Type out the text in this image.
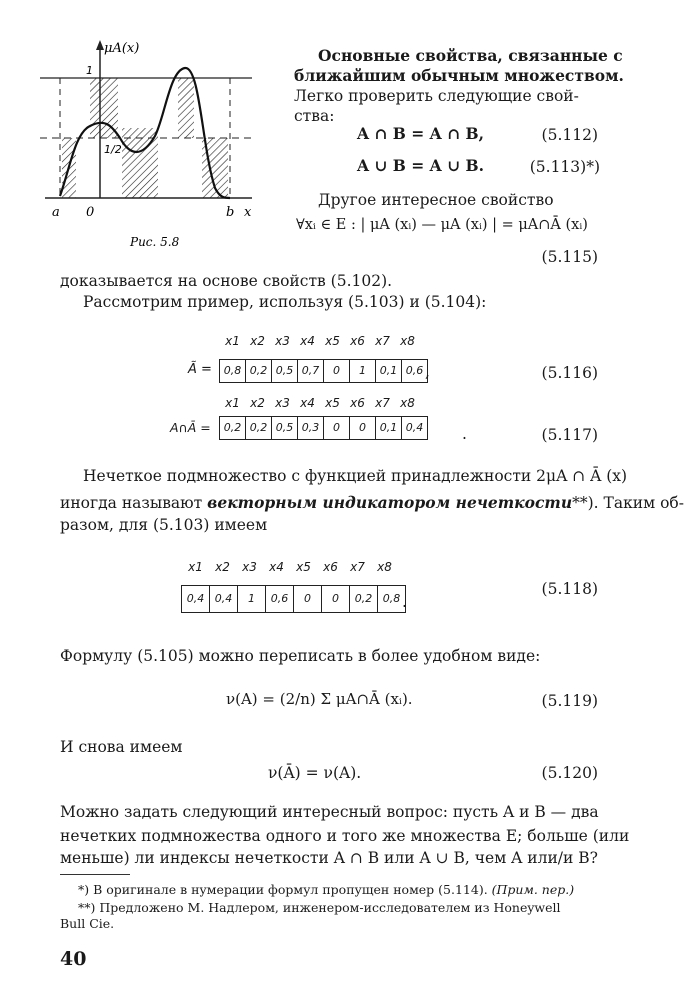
μA(x)
1
1/2
a 0	b x
Рис. 5.8
Основные свойства, связанные с
ближайшим обычным множеством.
Легко проверить следующие свой-
ства:
A ∩ B = A ∩ B,	(5.112)
A ∪ B = A ∪ B.	(5.113)*)
Другое интересное свойство
∀xᵢ ∈ E : | μA (xᵢ) — μA (xᵢ) | = μA∩Ā (xᵢ)
(5.115)
доказывается на основе свойств (5.102).
Рассмотрим пример, используя (5.103) и (5.104):
x1 x2 x3 x4 x5 x6 x7 x8
Ã =	0,8 0,2 0,5 0,7	0	1	0,1 0,6 ,	(5.116)
x1 x2 x3 x4 x5 x6 x7 x8
A∩Ā =	0,2 0,2 0,5 0,3	0	0	0,1 0,4	.	(5.117)
Нечеткое подмножество с функцией принадлежности 2μA ∩ Ā (x)
иногда называют векторным индикатором нечеткости**). Таким об-
разом, для (5.103) имеем
x1	x2	x3	x4	x5	x6	x7	x8
0,4 0,4	1	0,6	0	0	0,2 0,8 .
(5.118)
Формулу (5.105) можно переписать в более удобном виде:
ν(A) = (2/n) Σ μA∩Ā (xᵢ).	(5.119)
И снова имеем
ν(Ā) = ν(A).	(5.120)
Можно задать следующий интересный вопрос: пусть A и B — два
нечетких подмножества одного и того же множества E; больше (или
меньше) ли индексы нечеткости A ∩ B или A ∪ B, чем A или/и B?
*) В оригинале в нумерации формул пропущен номер (5.114). (Прим. пер.)
**) Предложено М. Надлером, инженером-исследователем из Honeywell
Bull Cie.
40
